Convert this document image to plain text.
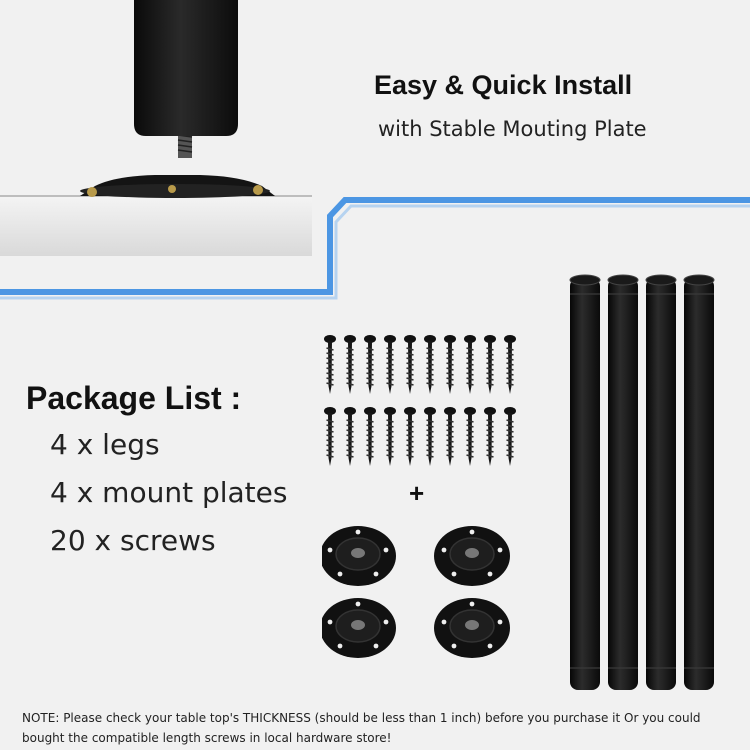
Easy & Quick Install
with Stable Mouting Plate
Package List :
4 x legs
4 x mount plates
20 x screws
+
NOTE: Please check your table top's THICKNESS (should be less than 1 inch) before you purchase it Or you could bought the compatible length screws in local hardware store!
